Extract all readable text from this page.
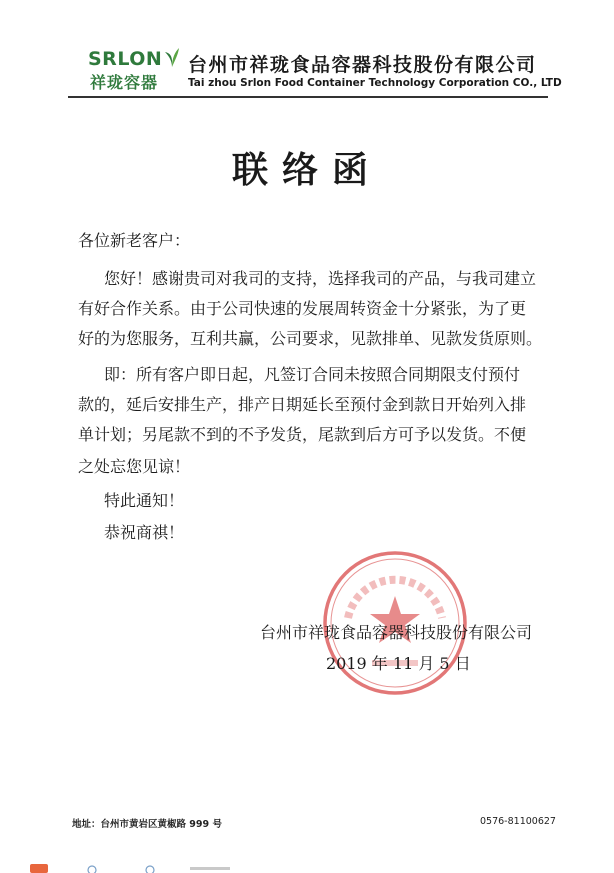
SRLON
祥珑容器
台州市祥珑食品容器科技股份有限公司
Tai zhou Srlon Food Container Technology Corporation CO., LTD
联络函
各位新老客户：
您好！感谢贵司对我司的支持，选择我司的产品，与我司建立
有好合作关系。由于公司快速的发展周转资金十分紧张，为了更
好的为您服务，互利共赢，公司要求，见款排单、见款发货原则。
即：所有客户即日起，凡签订合同未按照合同期限支付预付
款的，延后安排生产，排产日期延长至预付金到款日开始列入排
单计划；另尾款不到的不予发货，尾款到后方可予以发货。不便
之处忘您见谅！
特此通知！
恭祝商祺！
台州市祥珑食品容器科技股份有限公司
2019 年 11 月 5 日
地址：台州市黄岩区黄椒路 999 号	0576-81100627
